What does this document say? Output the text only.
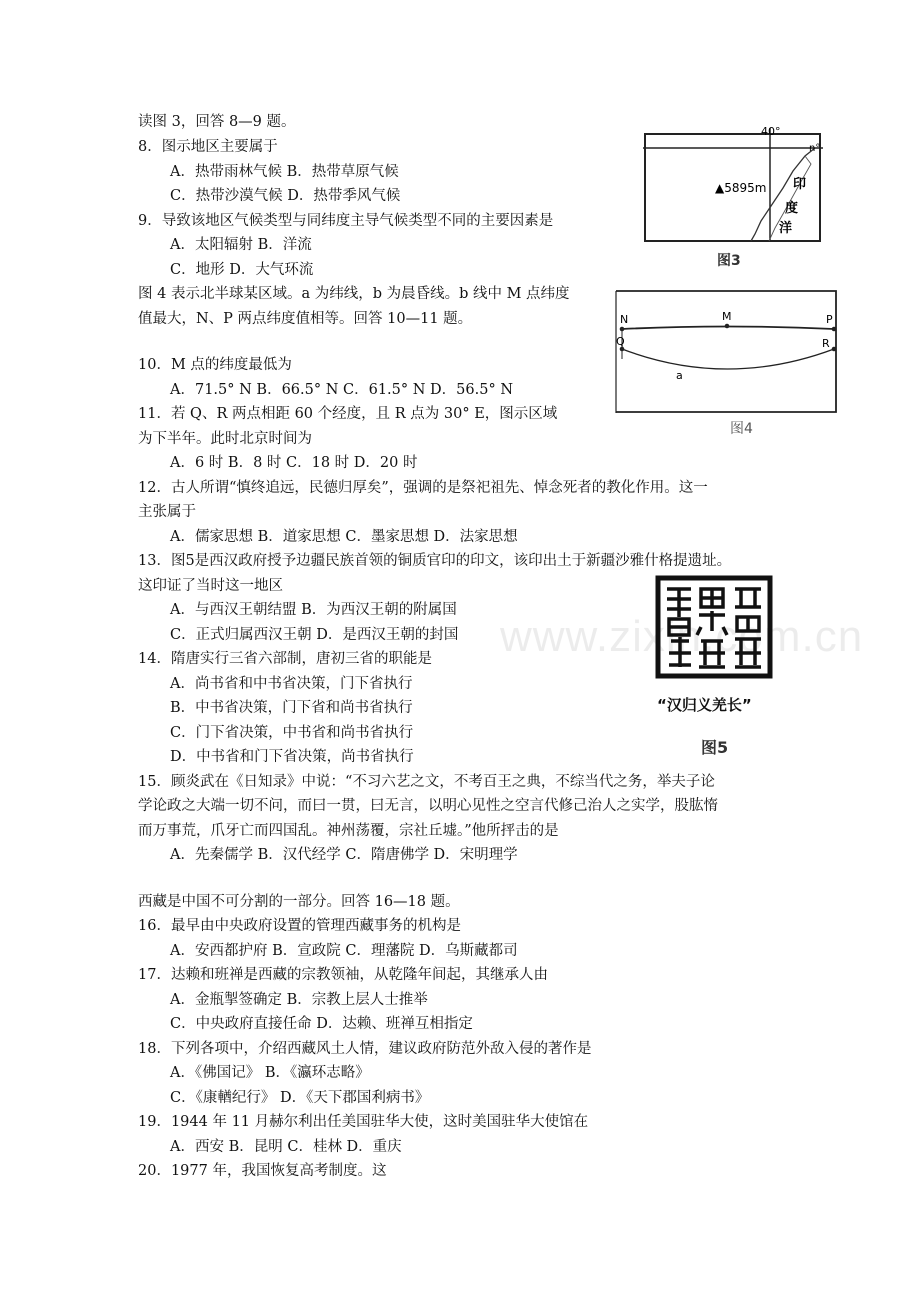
读图 3，回答 8—9 题。
8．图示地区主要属于
A．热带雨林气候 B．热带草原气候
C．热带沙漠气候 D．热带季风气候
9．导致该地区气候类型与同纬度主导气候类型不同的主要因素是
A．太阳辐射 B．洋流
C．地形 D．大气环流
图 4 表示北半球某区域。a 为纬线，b 为晨昏线。b 线中 M 点纬度
值最大，N、P 两点纬度值相等。回答 10—11 题。
10．M 点的纬度最低为
A．71.5° N B．66.5° N C．61.5° N D．56.5° N
11．若 Q、R 两点相距 60 个经度，且 R 点为 30° E，图示区域
为下半年。此时北京时间为
A．6 时 B．8 时 C．18 时 D．20 时
12．古人所谓“慎终追远，民德归厚矣”，强调的是祭祀祖先、悼念死者的教化作用。这一
主张属于
A．儒家思想 B．道家思想 C．墨家思想 D．法家思想
13．图5是西汉政府授予边疆民族首领的铜质官印的印文，该印出土于新疆沙雅什格提遗址。
这印证了当时这一地区
A．与西汉王朝结盟 B．为西汉王朝的附属国
C．正式归属西汉王朝 D．是西汉王朝的封国
14．隋唐实行三省六部制，唐初三省的职能是
A．尚书省和中书省决策，门下省执行
B．中书省决策，门下省和尚书省执行
C．门下省决策，中书省和尚书省执行
D．中书省和门下省决策，尚书省执行
15．顾炎武在《日知录》中说：“不习六艺之文，不考百王之典，不综当代之务，举夫子论
学论政之大端一切不问，而曰一贯，曰无言，以明心见性之空言代修己治人之实学，股肱惰
而万事荒，爪牙亡而四国乱。神州荡覆，宗社丘墟。”他所抨击的是
A．先秦儒学 B．汉代经学 C．隋唐佛学 D．宋明理学
西藏是中国不可分割的一部分。回答 16—18 题。
16．最早由中央政府设置的管理西藏事务的机构是
A．安西都护府 B．宣政院 C．理藩院 D．乌斯藏都司
17．达赖和班禅是西藏的宗教领袖，从乾隆年间起，其继承人由
A．金瓶掣签确定 B．宗教上层人士推举
C．中央政府直接任命 D．达赖、班禅互相指定
18．下列各项中，介绍西藏风土人情，建议政府防范外敌入侵的著作是
A．《佛国记》 B．《瀛环志略》
C．《康輶纪行》 D．《天下郡国利病书》
19．1944 年 11 月赫尔利出任美国驻华大使，这时美国驻华大使馆在
A．西安 B．昆明 C．桂林 D．重庆
20．1977 年，我国恢复高考制度。这
www.zixin.com.cn
40°
n°
▲5895m 印
度
洋
图3
N	M	P
Q	R
a
图4
“汉归义羌长”
图5
